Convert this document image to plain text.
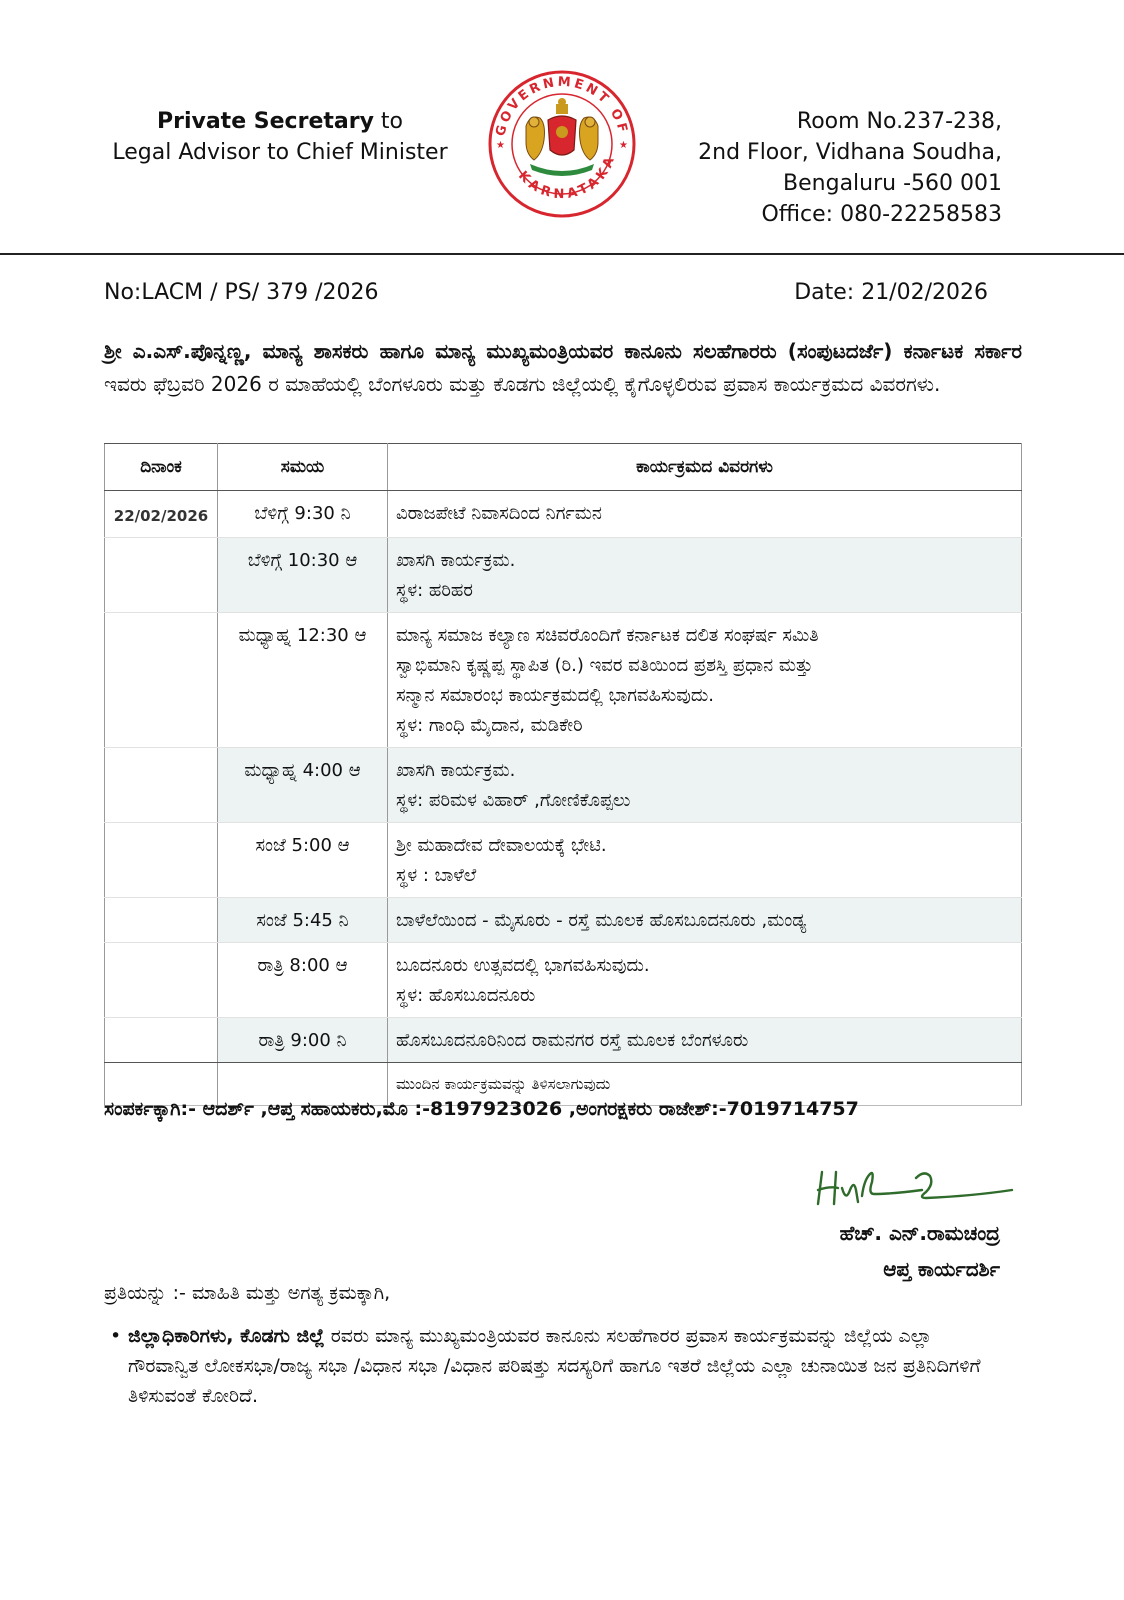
Private Secretary to
Legal Advisor to Chief Minister
GOVERNMENT OF
KARNATAKA
★	★
Room No.237-238,
2nd Floor, Vidhana Soudha,
Bengaluru -560 001
Office: 080-22258583
No:LACM / PS/ 379 /2026	Date: 21/02/2026
ಶ್ರೀ ಎ.ಎಸ್.ಪೊನ್ನಣ್ಣ, ಮಾನ್ಯ ಶಾಸಕರು ಹಾಗೂ ಮಾನ್ಯ ಮುಖ್ಯಮಂತ್ರಿಯವರ ಕಾನೂನು ಸಲಹೆಗಾರರು (ಸಂಪುಟದರ್ಜೆ) ಕರ್ನಾಟಕ ಸರ್ಕಾರ ಇವರು ಫೆಬ್ರವರಿ 2026 ರ ಮಾಹೆಯಲ್ಲಿ ಬೆಂಗಳೂರು ಮತ್ತು ಕೊಡಗು ಜಿಲ್ಲೆಯಲ್ಲಿ ಕೈಗೊಳ್ಳಲಿರುವ ಪ್ರವಾಸ ಕಾರ್ಯಕ್ರಮದ ವಿವರಗಳು.
ದಿನಾಂಕ	ಸಮಯ	ಕಾರ್ಯಕ್ರಮದ ವಿವರಗಳು
22/02/2026	ಬೆಳಿಗ್ಗೆ 9:30 ನಿ	ವಿರಾಜಪೇಟೆ ನಿವಾಸದಿಂದ ನಿರ್ಗಮನ

	ಬೆಳಿಗ್ಗೆ 10:30 ಆ	ಖಾಸಗಿ ಕಾರ್ಯಕ್ರಮ.
ಸ್ಥಳ: ಹರಿಹರ

	ಮಧ್ಯಾಹ್ನ 12:30 ಆ	ಮಾನ್ಯ ಸಮಾಜ ಕಲ್ಯಾಣ ಸಚಿವರೊಂದಿಗೆ ಕರ್ನಾಟಕ ದಲಿತ ಸಂಘರ್ಷ ಸಮಿತಿ
ಸ್ವಾಭಿಮಾನಿ ಕೃಷ್ಣಪ್ಪ ಸ್ಥಾಪಿತ (ರಿ.) ಇವರ ವತಿಯಿಂದ ಪ್ರಶಸ್ತಿ ಪ್ರಧಾನ ಮತ್ತು
ಸನ್ಮಾನ ಸಮಾರಂಭ ಕಾರ್ಯಕ್ರಮದಲ್ಲಿ ಭಾಗವಹಿಸುವುದು.
ಸ್ಥಳ: ಗಾಂಧಿ ಮೈದಾನ, ಮಡಿಕೇರಿ

	ಮಧ್ಯಾಹ್ನ 4:00 ಆ	ಖಾಸಗಿ ಕಾರ್ಯಕ್ರಮ.
ಸ್ಥಳ: ಪರಿಮಳ ವಿಹಾರ್ ,ಗೋಣಿಕೊಪ್ಪಲು

	ಸಂಜೆ 5:00 ಆ	ಶ್ರೀ ಮಹಾದೇವ ದೇವಾಲಯಕ್ಕೆ ಭೇಟಿ.
ಸ್ಥಳ : ಬಾಳೆಲೆ

	ಸಂಜೆ 5:45 ನಿ	ಬಾಳೆಲೆಯಿಂದ - ಮೈಸೂರು - ರಸ್ತೆ ಮೂಲಕ ಹೊಸಬೂದನೂರು ,ಮಂಡ್ಯ

	ರಾತ್ರಿ 8:00 ಆ	ಬೂದನೂರು ಉತ್ಸವದಲ್ಲಿ ಭಾಗವಹಿಸುವುದು.
ಸ್ಥಳ: ಹೊಸಬೂದನೂರು

	ರಾತ್ರಿ 9:00 ನಿ	ಹೊಸಬೂದನೂರಿನಿಂದ ರಾಮನಗರ ರಸ್ತೆ ಮೂಲಕ ಬೆಂಗಳೂರು

		ಮುಂದಿನ ಕಾರ್ಯಕ್ರಮವನ್ನು ತಿಳಿಸಲಾಗುವುದು
ಸಂಪರ್ಕಕ್ಕಾಗಿ:- ಆದರ್ಶ್ ,ಆಪ್ತ ಸಹಾಯಕರು,ಮೊ :-8197923026 ,ಅಂಗರಕ್ಷಕರು ರಾಜೇಶ್:-7019714757
ಹೆಚ್. ಎನ್.ರಾಮಚಂದ್ರ
ಆಪ್ತ ಕಾರ್ಯದರ್ಶಿ
ಪ್ರತಿಯನ್ನು :- ಮಾಹಿತಿ ಮತ್ತು ಅಗತ್ಯ ಕ್ರಮಕ್ಕಾಗಿ,
• ಜಿಲ್ಲಾಧಿಕಾರಿಗಳು, ಕೊಡಗು ಜಿಲ್ಲೆ ರವರು ಮಾನ್ಯ ಮುಖ್ಯಮಂತ್ರಿಯವರ ಕಾನೂನು ಸಲಹೆಗಾರರ ಪ್ರವಾಸ ಕಾರ್ಯಕ್ರಮವನ್ನು ಜಿಲ್ಲೆಯ ಎಲ್ಲಾ ಗೌರವಾನ್ವಿತ ಲೋಕಸಭಾ/ರಾಜ್ಯ ಸಭಾ /ವಿಧಾನ ಸಭಾ /ವಿಧಾನ ಪರಿಷತ್ತು ಸದಸ್ಯರಿಗೆ ಹಾಗೂ ಇತರೆ ಜಿಲ್ಲೆಯ ಎಲ್ಲಾ ಚುನಾಯಿತ ಜನ ಪ್ರತಿನಿದಿಗಳಿಗೆ ತಿಳಿಸುವಂತೆ ಕೋರಿದೆ.
